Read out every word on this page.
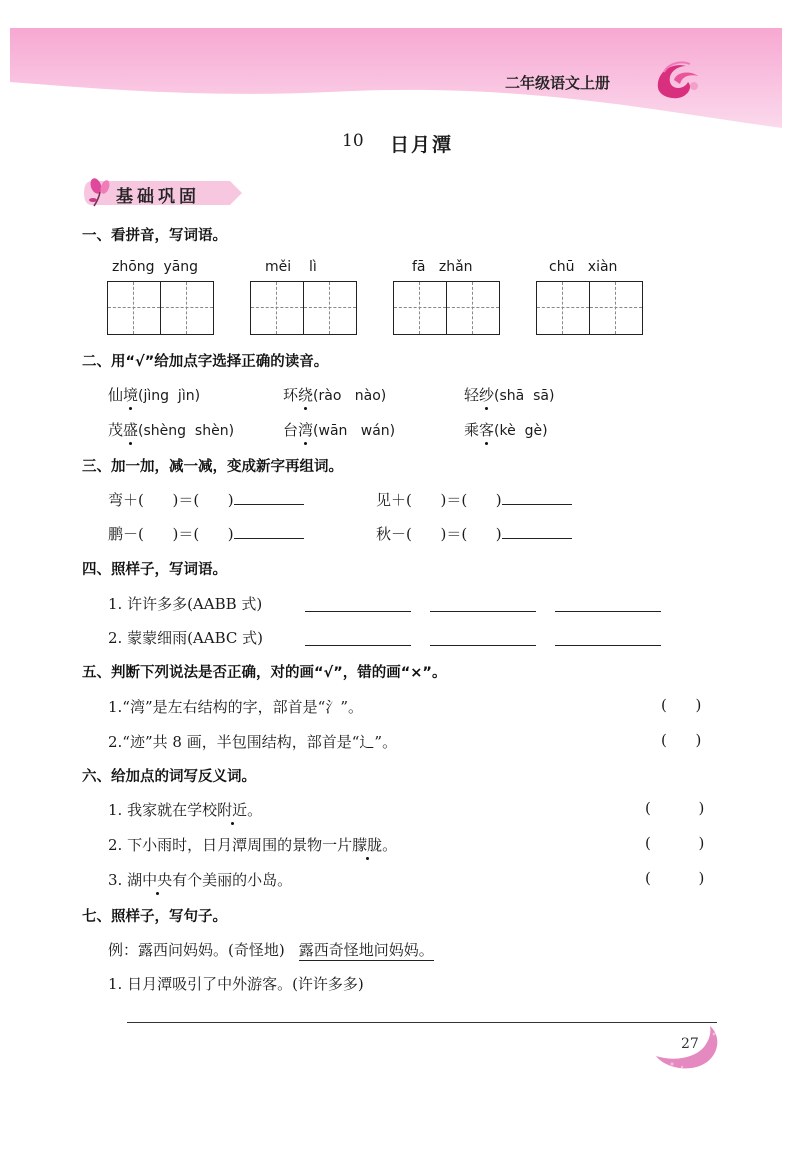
二年级语文上册
10 日月潭
基础巩固
一、看拼音，写词语。
zhōng  yāng	měi    lì	fā   zhǎn	chū   xiàn
二、用“√”给加点字选择正确的读音。
仙境(jìng  jìn)	环绕(rào   nào)	轻纱(shā  sā)
茂盛(shèng  shèn)	台湾(wān   wán)	乘客(kè  gè)
三、加一加，减一减，变成新字再组词。
弯＋(      )＝(      )	见＋(      )＝(      )
鹏－(      )＝(      )	秋－(      )＝(      )
四、照样子，写词语。
1. 许许多多(AABB 式)
2. 蒙蒙细雨(AABC 式)
五、判断下列说法是否正确，对的画“√”，错的画“×”。
1.“湾”是左右结构的字，部首是“氵”。	(      )
2.“迹”共 8 画，半包围结构，部首是“辶”。	(      )
六、给加点的词写反义词。
1. 我家就在学校附近。	(          )
2. 下小雨时，日月潭周围的景物一片朦胧。	(          )
3. 湖中央有个美丽的小岛。	(          )
七、照样子，写句子。
例：露西问妈妈。(奇怪地) 露西奇怪地问妈妈。
1. 日月潭吸引了中外游客。(许许多多)
27
